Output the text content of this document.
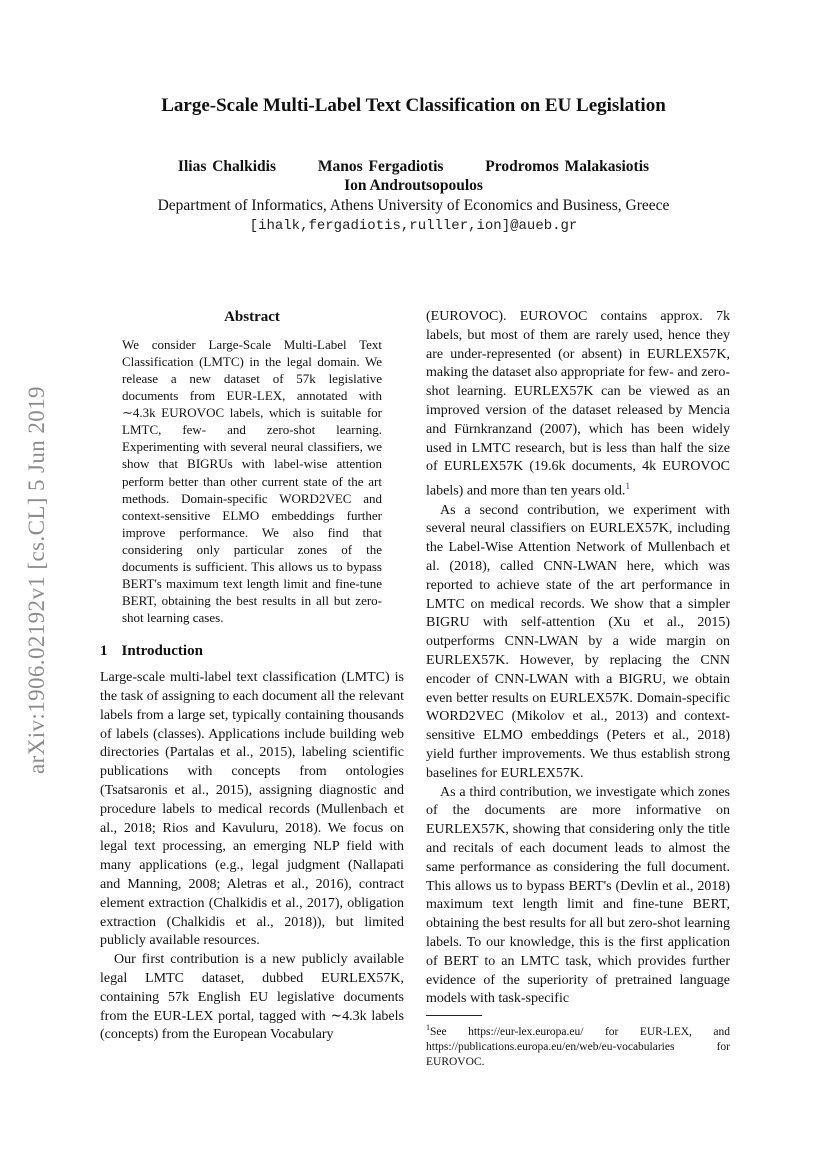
arXiv:1906.02192v1 [cs.CL] 5 Jun 2019
Large-Scale Multi-Label Text Classification on EU Legislation
Ilias Chalkidis	Manos Fergadiotis	Prodromos Malakasiotis
Ion Androutsopoulos
Department of Informatics, Athens University of Economics and Business, Greece
[ihalk,fergadiotis,rulller,ion]@aueb.gr
Abstract
We consider Large-Scale Multi-Label Text Classification (LMTC) in the legal domain. We release a new dataset of 57k legislative documents from EUR-LEX, annotated with ∼4.3k EUROVOC labels, which is suitable for LMTC, few- and zero-shot learning. Experimenting with several neural classifiers, we show that BIGRUs with label-wise attention perform better than other current state of the art methods. Domain-specific WORD2VEC and context-sensitive ELMO embeddings further improve performance. We also find that considering only particular zones of the documents is sufficient. This allows us to bypass BERT's maximum text length limit and fine-tune BERT, obtaining the best results in all but zero-shot learning cases.
1 Introduction

Large-scale multi-label text classification (LMTC) is the task of assigning to each document all the relevant labels from a large set, typically containing thousands of labels (classes). Applications include building web directories (Partalas et al., 2015), labeling scientific publications with concepts from ontologies (Tsatsaronis et al., 2015), assigning diagnostic and procedure labels to medical records (Mullenbach et al., 2018; Rios and Kavuluru, 2018). We focus on legal text processing, an emerging NLP field with many applications (e.g., legal judgment (Nallapati and Manning, 2008; Aletras et al., 2016), contract element extraction (Chalkidis et al., 2017), obligation extraction (Chalkidis et al., 2018)), but limited publicly available resources.

Our first contribution is a new publicly available legal LMTC dataset, dubbed EURLEX57K, containing 57k English EU legislative documents from the EUR-LEX portal, tagged with ∼4.3k labels (concepts) from the European Vocabulary

(EUROVOC). EUROVOC contains approx. 7k labels, but most of them are rarely used, hence they are under-represented (or absent) in EURLEX57K, making the dataset also appropriate for few- and zero-shot learning. EURLEX57K can be viewed as an improved version of the dataset released by Mencia and Fürnkranzand (2007), which has been widely used in LMTC research, but is less than half the size of EURLEX57K (19.6k documents, 4k EUROVOC labels) and more than ten years old.$^1$

As a second contribution, we experiment with several neural classifiers on EURLEX57K, including the Label-Wise Attention Network of Mullenbach et al. (2018), called CNN-LWAN here, which was reported to achieve state of the art performance in LMTC on medical records. We show that a simpler BIGRU with self-attention (Xu et al., 2015) outperforms CNN-LWAN by a wide margin on EURLEX57K. However, by replacing the CNN encoder of CNN-LWAN with a BIGRU, we obtain even better results on EURLEX57K. Domain-specific WORD2VEC (Mikolov et al., 2013) and context-sensitive ELMO embeddings (Peters et al., 2018) yield further improvements. We thus establish strong baselines for EURLEX57K.

As a third contribution, we investigate which zones of the documents are more informative on EURLEX57K, showing that considering only the title and recitals of each document leads to almost the same performance as considering the full document. This allows us to bypass BERT's (Devlin et al., 2018) maximum text length limit and fine-tune BERT, obtaining the best results for all but zero-shot learning labels. To our knowledge, this is the first application of BERT to an LMTC task, which provides further evidence of the superiority of pretrained language models with task-specific

$^1$See https://eur-lex.europa.eu/ for EUR-LEX, and https://publications.europa.eu/en/web/eu-vocabularies for EUROVOC.
